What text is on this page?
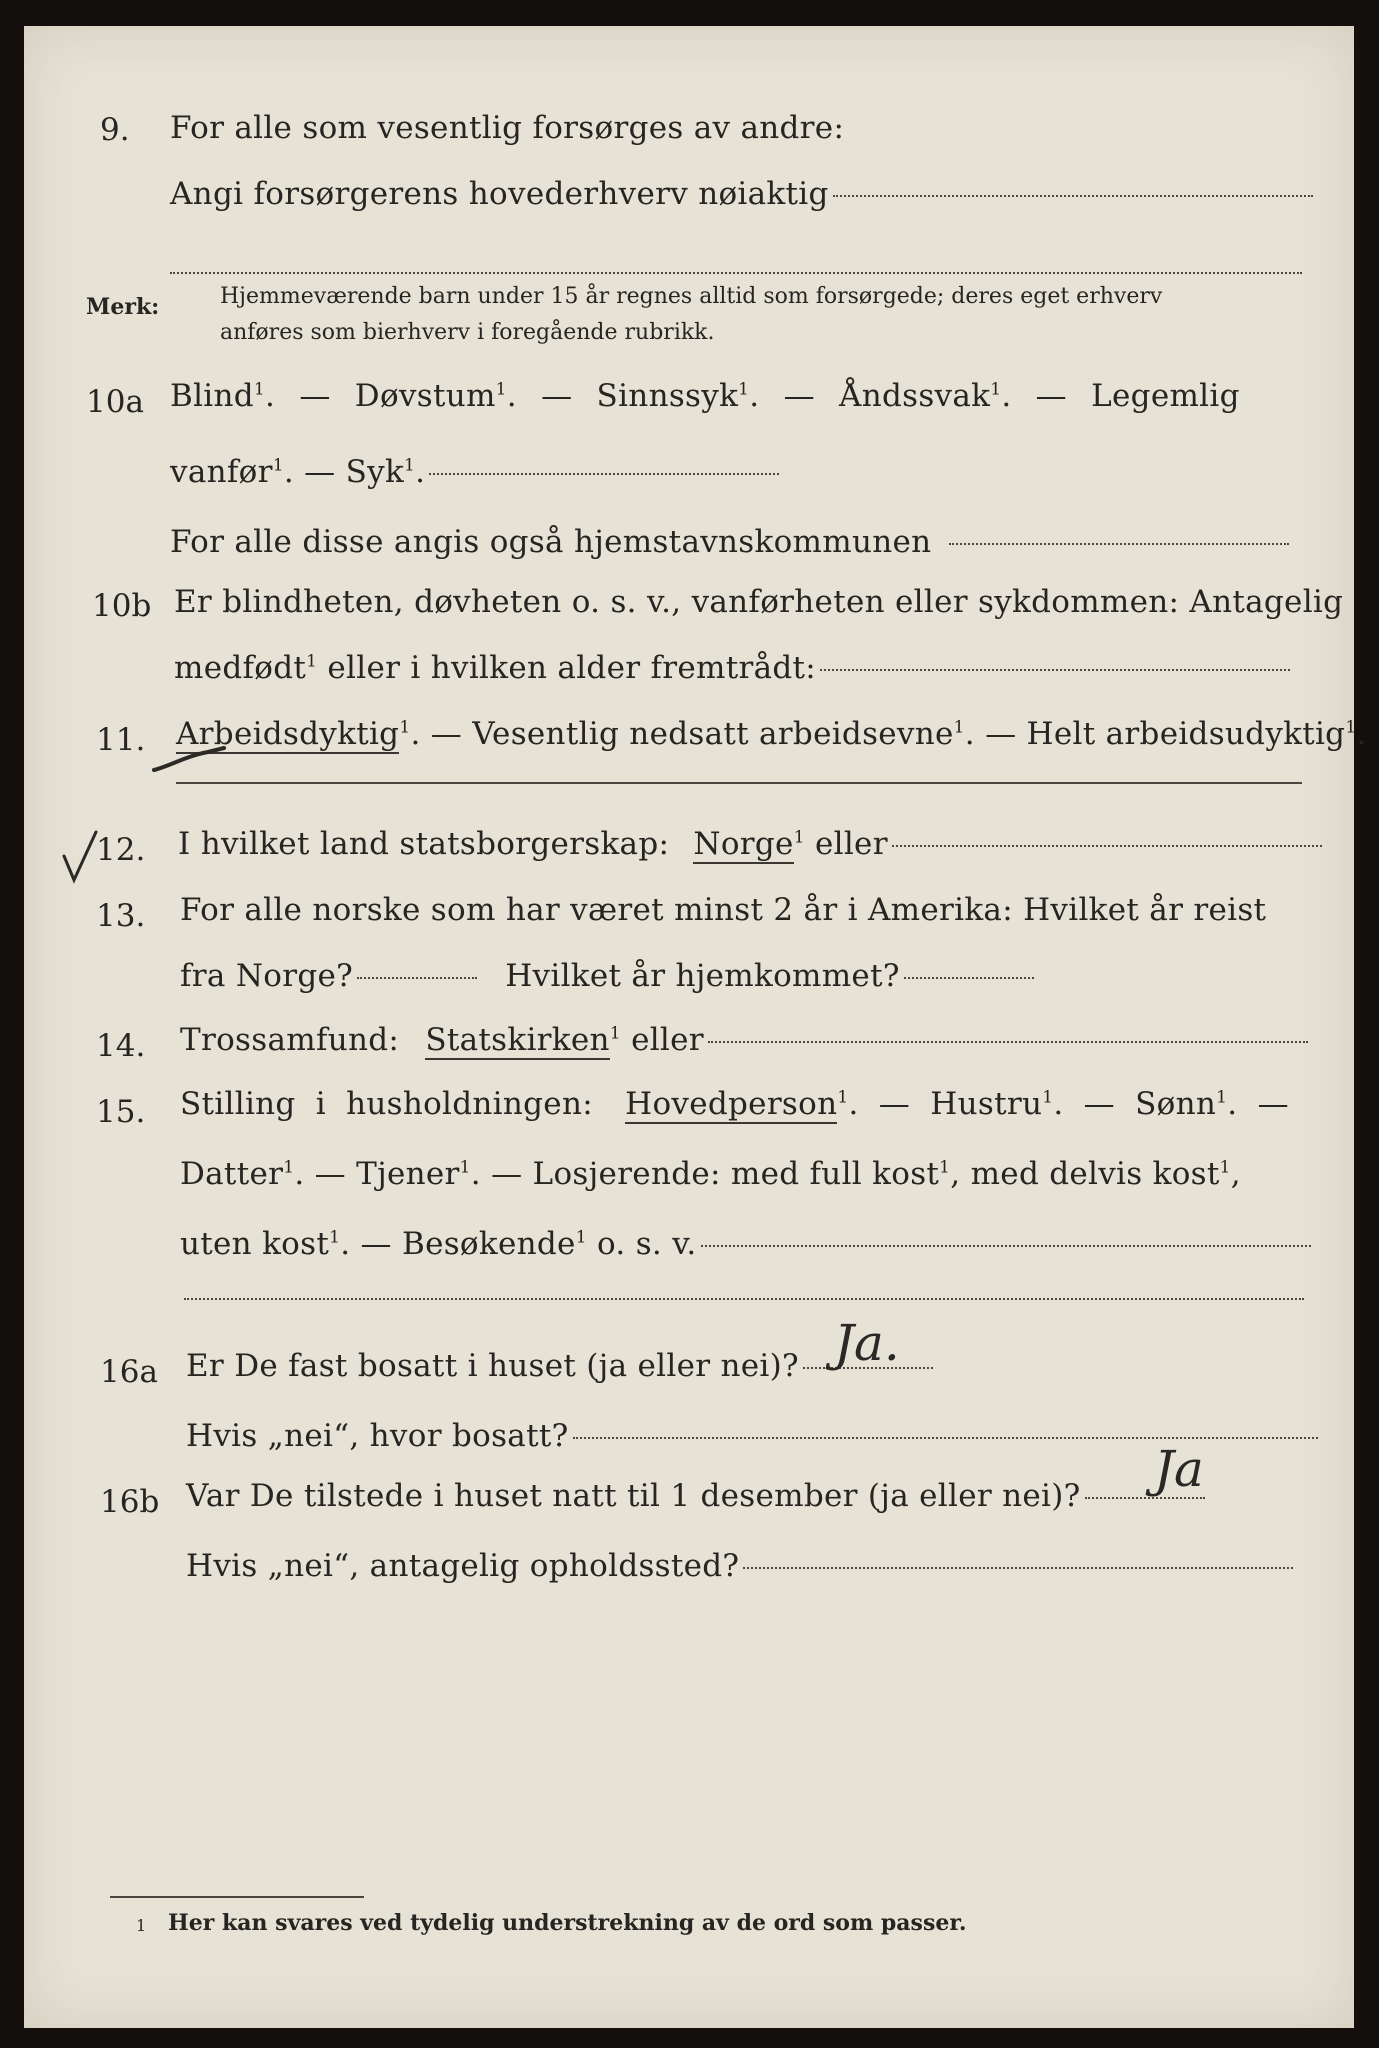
9. For alle som vesentlig forsørges av andre:
Angi forsørgerens hovederhverv nøiaktig
Merk:	Hjemmeværende barn under 15 år regnes alltid som forsørgede; deres eget erhverv
anføres som bierhverv i foregående rubrikk.
10a Blind$^1$. — Døvstum$^1$. — Sinnssyk$^1$. — Åndssvak$^1$. — Legemlig
vanfør$^1$. — Syk$^1$.
For alle disse angis også hjemstavnskommunen
10b Er blindheten, døvheten o. s. v., vanførheten eller sykdommen: Antagelig
medfødt$^1$ eller i hvilken alder fremtrådt:
11. Arbeidsdyktig$^1$. — Vesentlig nedsatt arbeidsevne$^1$. — Helt arbeidsudyktig$^1$.
12. I hvilket land statsborgerskap: Norge$^1$ eller
13. For alle norske som har været minst 2 år i Amerika: Hvilket år reist
fra Norge?	Hvilket år hjemkommet?
14. Trossamfund: Statskirken$^1$ eller
15. Stilling i husholdningen: Hovedperson$^1$. — Hustru$^1$. — Sønn$^1$. —
Datter$^1$. — Tjener$^1$. — Losjerende: med full kost$^1$, med delvis kost$^1$,
uten kost$^1$. — Besøkende$^1$ o. s. v.
16a Er De fast bosatt i huset (ja eller nei)? Ja.
Hvis „nei“, hvor bosatt?
16b Var De tilstede i huset natt til 1 desember (ja eller nei)?	Ja
Hvis „nei“, antagelig opholdssted?
1 Her kan svares ved tydelig understrekning av de ord som passer.
